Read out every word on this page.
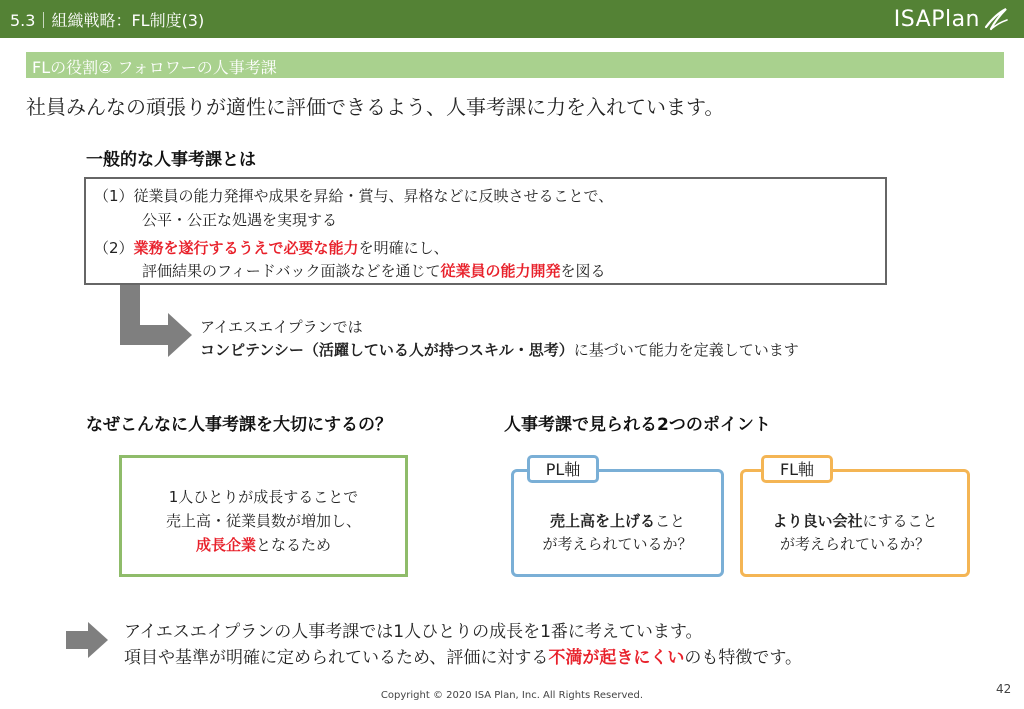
5.3｜組織戦略：FL制度(3)	ISAPlan
FLの役割② フォロワーの人事考課
社員みんなの頑張りが適性に評価できるよう、人事考課に力を入れています。
一般的な人事考課とは
（1）従業員の能力発揮や成果を昇給・賞与、昇格などに反映させることで、
公平・公正な処遇を実現する
（2）業務を遂行するうえで必要な能力を明確にし、
評価結果のフィードバック面談などを通じて従業員の能力開発を図る
アイエスエイプランでは
コンピテンシー（活躍している人が持つスキル・思考）に基づいて能力を定義しています
なぜこんなに人事考課を大切にするの？	人事考課で見られる2つのポイント
1人ひとりが成長することで
売上高・従業員数が増加し、
成長企業となるため
売上高を上げること
が考えられているか？
PL軸
より良い会社にすること
が考えられているか？
FL軸
アイエスエイプランの人事考課では1人ひとりの成長を1番に考えています。
項目や基準が明確に定められているため、評価に対する不満が起きにくいのも特徴です。
Copyright © 2020 ISA Plan, Inc. All Rights Reserved.	42
